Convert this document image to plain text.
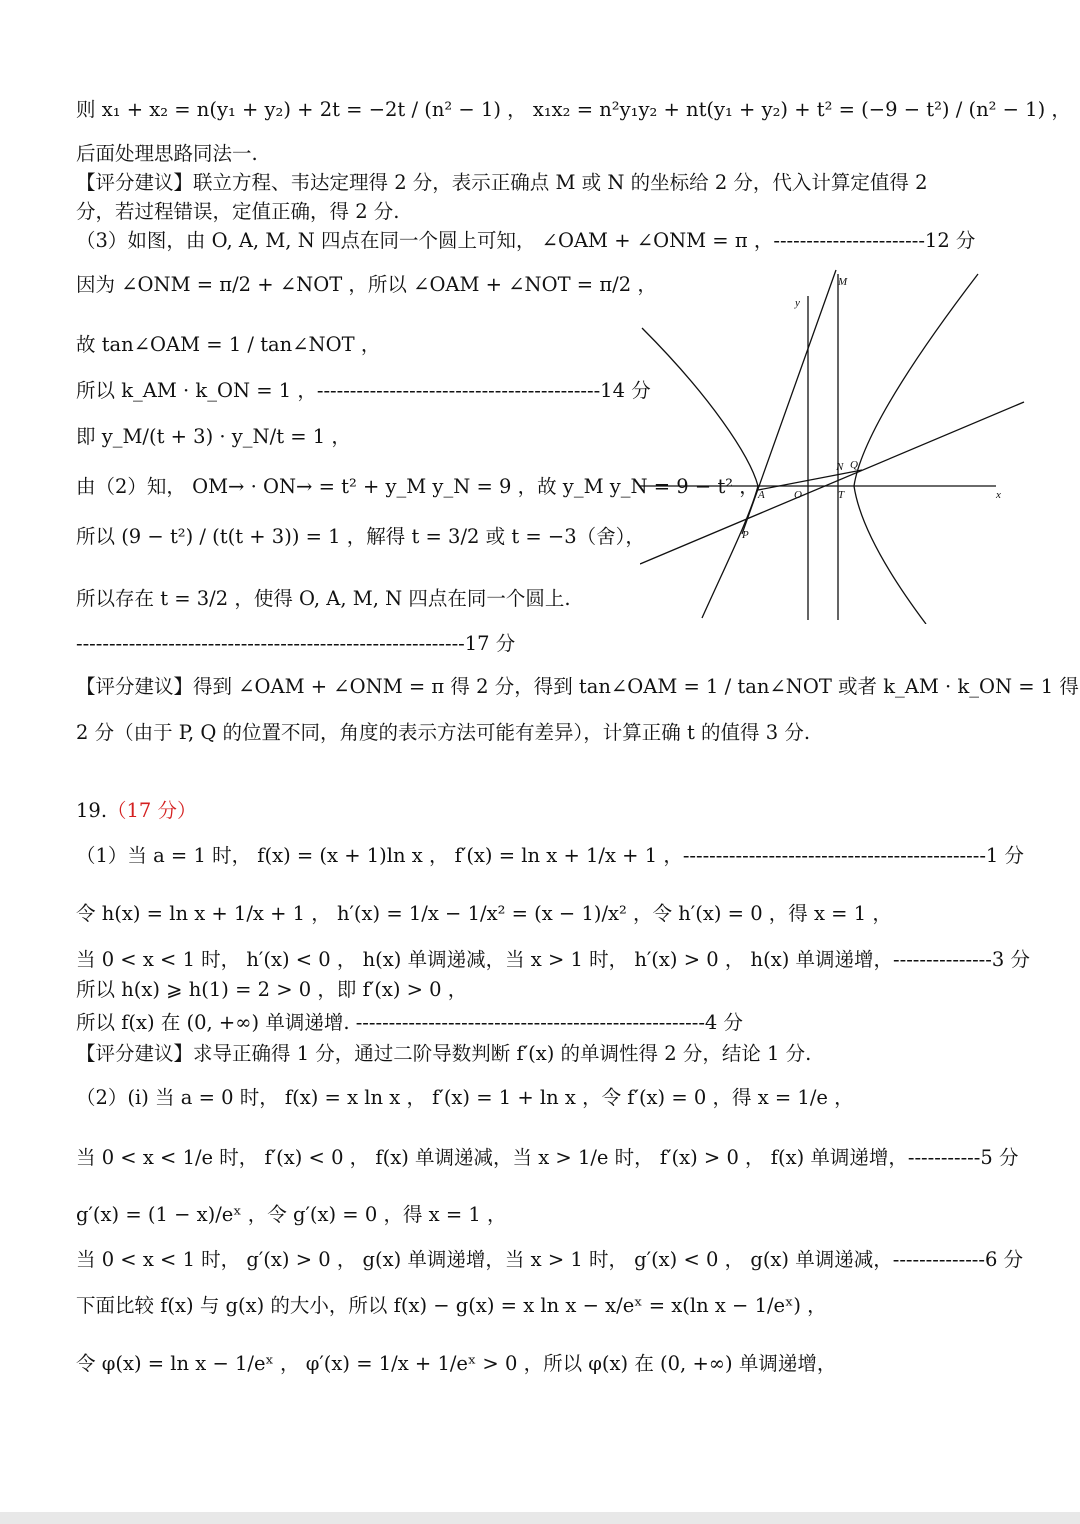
则 x₁ + x₂ = n(y₁ + y₂) + 2t = −2t / (n² − 1) ， x₁x₂ = n²y₁y₂ + nt(y₁ + y₂) + t² = (−9 − t²) / (n² − 1) ，
后面处理思路同法一.
【评分建议】联立方程、韦达定理得 2 分，表示正确点 M 或 N 的坐标给 2 分，代入计算定值得 2
分，若过程错误，定值正确，得 2 分.
（3）如图，由 O, A, M, N 四点在同一个圆上可知， ∠OAM + ∠ONM = π ，-----------------------12 分
因为 ∠ONM = π/2 + ∠NOT ，所以 ∠OAM + ∠NOT = π/2 ，
故 tan∠OAM = 1 / tan∠NOT ，
所以 k_AM · k_ON = 1 ，-------------------------------------------14 分
即 y_M/(t + 3) · y_N/t = 1 ，
由（2）知， OM→ · ON→ = t² + y_M y_N = 9 ，故 y_M y_N = 9 − t² ，
所以 (9 − t²) / (t(t + 3)) = 1 ，解得 t = 3/2 或 t = −3（舍），
所以存在 t = 3/2 ，使得 O, A, M, N 四点在同一个圆上.
-----------------------------------------------------------17 分
【评分建议】得到 ∠OAM + ∠ONM = π 得 2 分，得到 tan∠OAM = 1 / tan∠NOT 或者 k_AM · k_ON = 1 得
2 分（由于 P, Q 的位置不同，角度的表示方法可能有差异），计算正确 t 的值得 3 分.
19.（17 分）
（1）当 a = 1 时， f(x) = (x + 1)ln x ， f′(x) = ln x + 1/x + 1 ，----------------------------------------------1 分
令 h(x) = ln x + 1/x + 1 ， h′(x) = 1/x − 1/x² = (x − 1)/x² ，令 h′(x) = 0 ，得 x = 1 ，
当 0 < x < 1 时， h′(x) < 0 ， h(x) 单调递减，当 x > 1 时， h′(x) > 0 ， h(x) 单调递增，---------------3 分
所以 h(x) ⩾ h(1) = 2 > 0 ，即 f′(x) > 0 ，
所以 f(x) 在 (0, +∞) 单调递增. -----------------------------------------------------4 分
【评分建议】求导正确得 1 分，通过二阶导数判断 f′(x) 的单调性得 2 分，结论 1 分.
（2）(i) 当 a = 0 时， f(x) = x ln x ， f′(x) = 1 + ln x ，令 f′(x) = 0 ，得 x = 1/e ，
当 0 < x < 1/e 时， f′(x) < 0 ， f(x) 单调递减，当 x > 1/e 时， f′(x) > 0 ， f(x) 单调递增，-----------5 分
g′(x) = (1 − x)/eˣ ，令 g′(x) = 0 ，得 x = 1 ，
当 0 < x < 1 时， g′(x) > 0 ， g(x) 单调递增，当 x > 1 时， g′(x) < 0 ， g(x) 单调递减，--------------6 分
下面比较 f(x) 与 g(x) 的大小，所以 f(x) − g(x) = x ln x − x/eˣ = x(ln x − 1/eˣ) ，
令 φ(x) = ln x − 1/eˣ ， φ′(x) = 1/x + 1/eˣ > 0 ，所以 φ(x) 在 (0, +∞) 单调递增，
M
y
N Q
A	O	T	x
P
